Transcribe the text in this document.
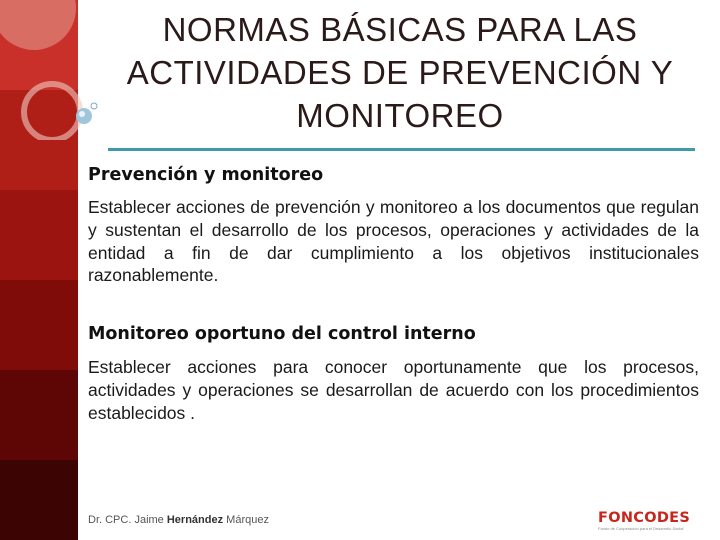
NORMAS BÁSICAS PARA LAS ACTIVIDADES DE PREVENCIÓN Y MONITOREO
Prevención y monitoreo
Establecer acciones de prevención y monitoreo a los documentos que regulan y sustentan el desarrollo de los procesos, operaciones y actividades de la entidad a fin de dar cumplimiento a los objetivos institucionales razonablemente.
Monitoreo oportuno del control interno
Establecer acciones para conocer oportunamente que los procesos, actividades y operaciones se desarrollan de acuerdo con los procedimientos establecidos .
Dr. CPC. Jaime Hernández Márquez	FONCODES
Fondo de Cooperación para el Desarrollo Social
